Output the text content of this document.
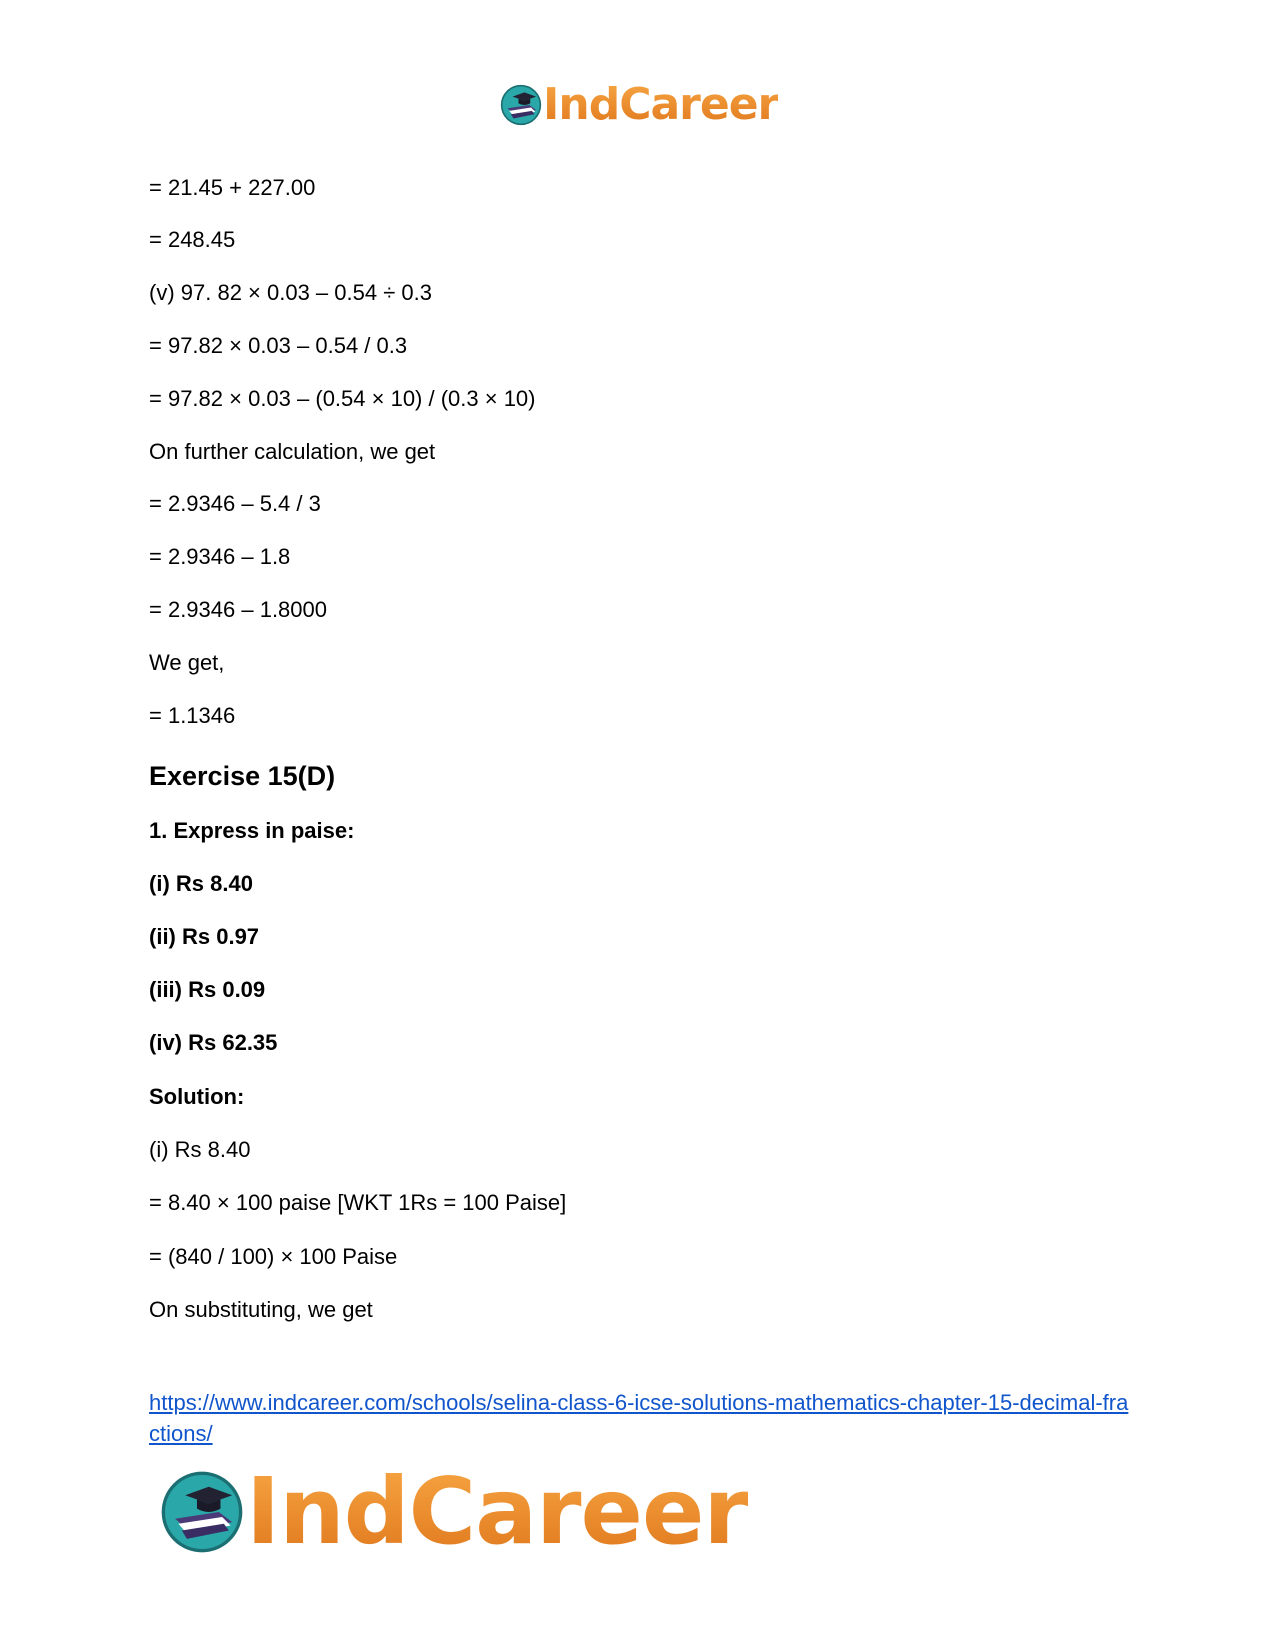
IndCareer
= 21.45 + 227.00
= 248.45
(v) 97. 82 × 0.03 – 0.54 ÷ 0.3
= 97.82 × 0.03 – 0.54 / 0.3
= 97.82 × 0.03 – (0.54 × 10) / (0.3 × 10)
On further calculation, we get
= 2.9346 – 5.4 / 3
= 2.9346 – 1.8
= 2.9346 – 1.8000
We get,
= 1.1346
Exercise 15(D)
1. Express in paise:
(i) Rs 8.40
(ii) Rs 0.97
(iii) Rs 0.09
(iv) Rs 62.35
Solution:
(i) Rs 8.40
= 8.40 × 100 paise [WKT 1Rs = 100 Paise]
= (840 / 100) × 100 Paise
On substituting, we get
https://www.indcareer.com/schools/selina-class-6-icse-solutions-mathematics-chapter-15-decimal-fractions/
IndCareer
